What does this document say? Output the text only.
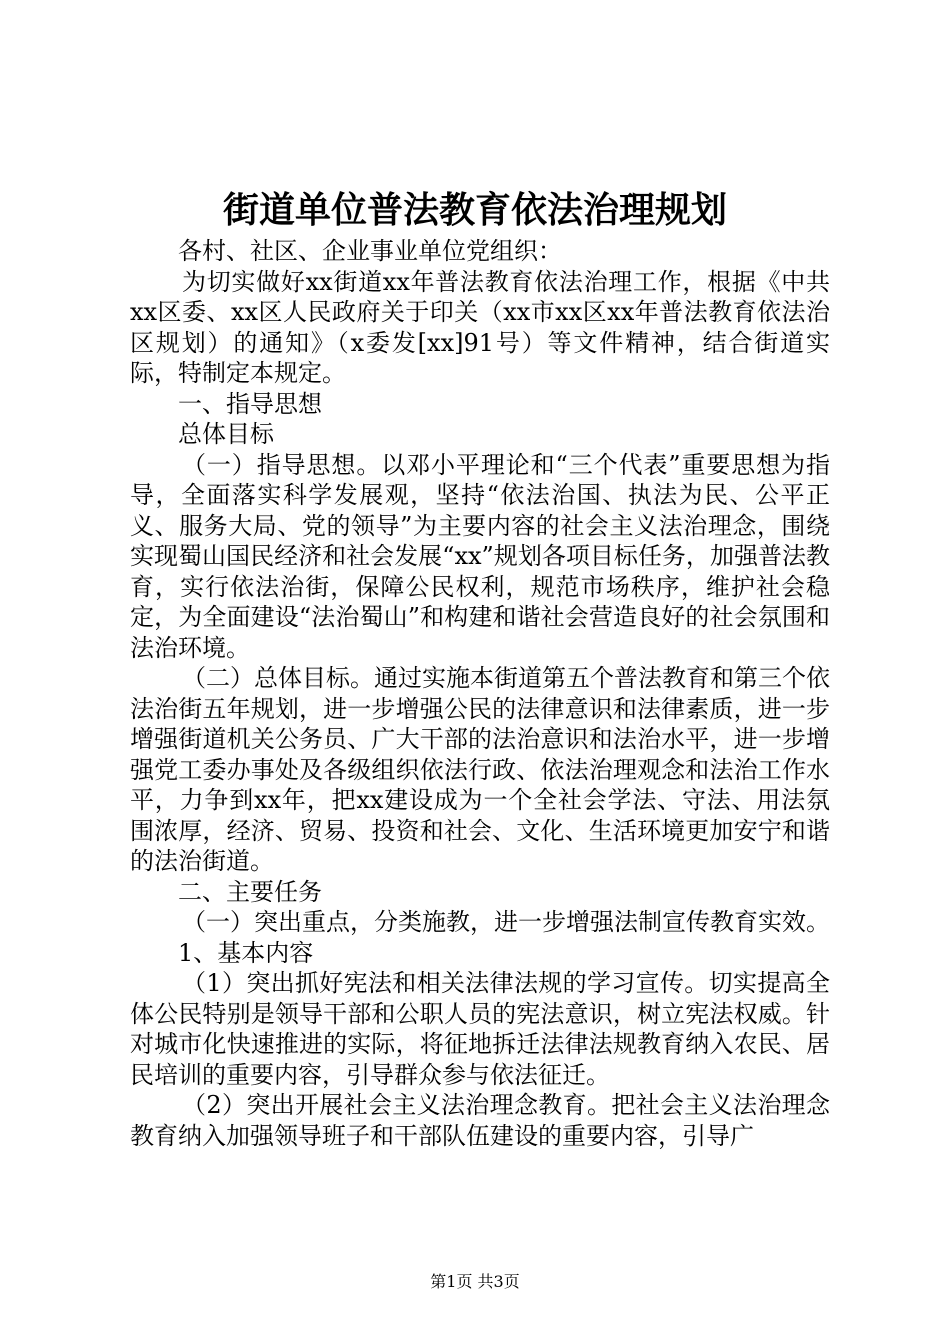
街道单位普法教育依法治理规划

各村、社区、企业事业单位党组织：

为切实做好xx街道xx年普法教育依法治理工作，根据《中共xx区委、xx区人民政府关于印关（xx市xx区xx年普法教育依法治区规划）的通知》（x委发[xx]91号）等文件精神，结合街道实际，特制定本规定。

一、指导思想

总体目标

（一）指导思想。以邓小平理论和“三个代表”重要思想为指导，全面落实科学发展观，坚持“依法治国、执法为民、公平正义、服务大局、党的领导”为主要内容的社会主义法治理念，围绕实现蜀山国民经济和社会发展“xx”规划各项目标任务，加强普法教育，实行依法治街，保障公民权利，规范市场秩序，维护社会稳定，为全面建设“法治蜀山”和构建和谐社会营造良好的社会氛围和法治环境。

（二）总体目标。通过实施本街道第五个普法教育和第三个依法治街五年规划，进一步增强公民的法律意识和法律素质，进一步增强街道机关公务员、广大干部的法治意识和法治水平，进一步增强党工委办事处及各级组织依法行政、依法治理观念和法治工作水平，力争到xx年，把xx建设成为一个全社会学法、守法、用法氛围浓厚，经济、贸易、投资和社会、文化、生活环境更加安宁和谐的法治街道。

二、主要任务

（一）突出重点，分类施教，进一步增强法制宣传教育实效。

1、基本内容

（1）突出抓好宪法和相关法律法规的学习宣传。切实提高全体公民特别是领导干部和公职人员的宪法意识，树立宪法权威。针对城市化快速推进的实际，将征地拆迁法律法规教育纳入农民、居民培训的重要内容，引导群众参与依法征迁。

（2）突出开展社会主义法治理念教育。把社会主义法治理念教育纳入加强领导班子和干部队伍建设的重要内容，引导广

第1页 共3页
